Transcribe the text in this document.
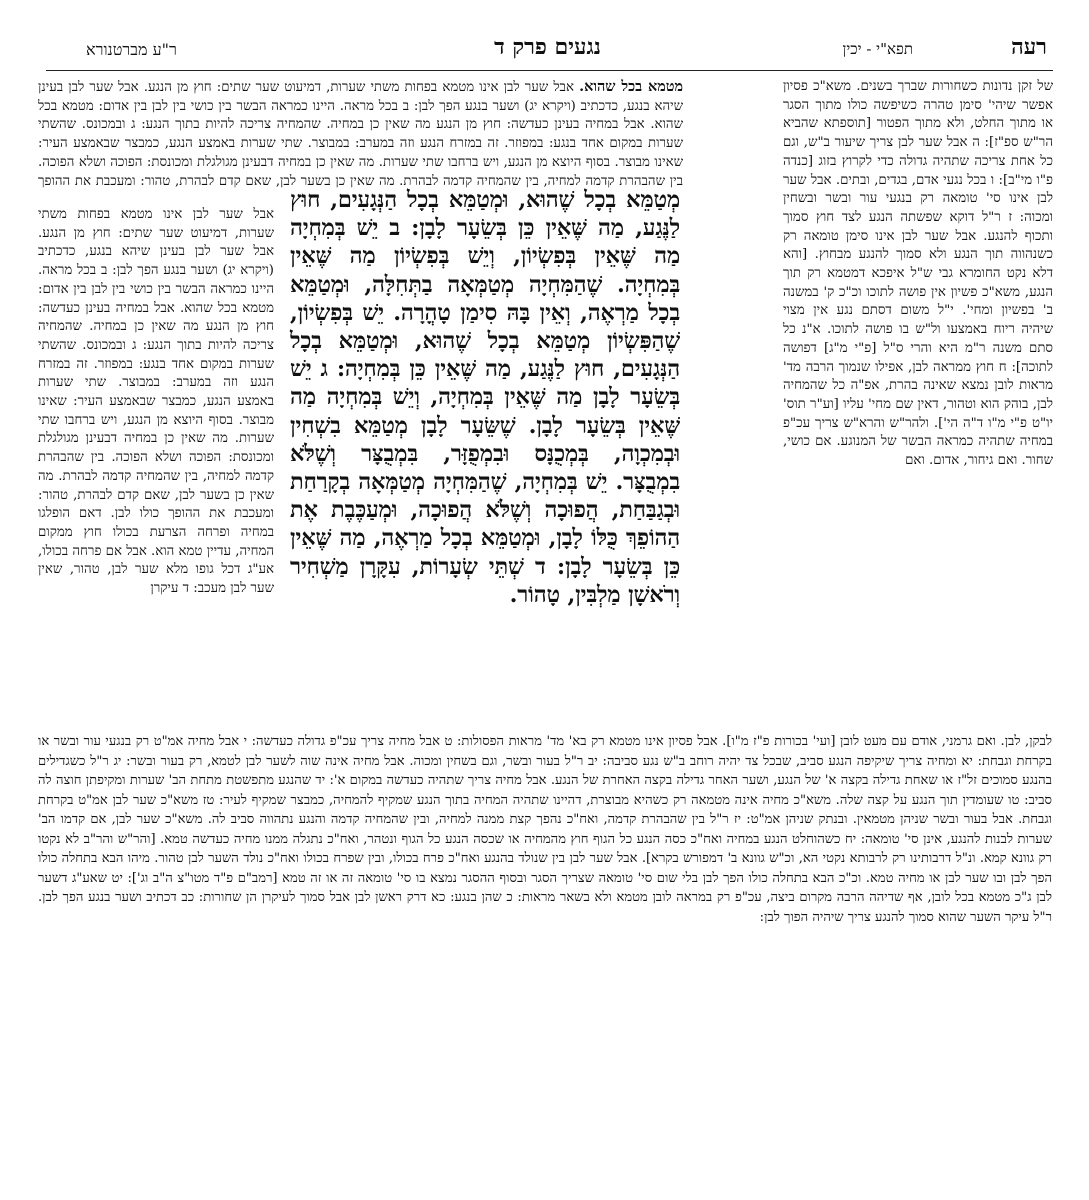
רעה
תפא"י - יכין
נגעים פרק ד
ר"ע מברטנורא
של זקן נדונות כשחורות שברך בשנים. משא"כ פסיון אפשר שיהי' סימן טהרה כשיפשה כולו מתוך הסגר או מתוך החלט, ולא מתוך הפטור [תוספתא שהביא הר"ש ספ"ז]: ה אבל שער לבן צריך שיעור ב"ש, וגם כל אחת צריכה שתהיה גדולה כדי לקרוץ בזוג [כנדה פ"ו מי"ב]: ו בכל נגעי אדם, בגדים, ובתים. אבל שער לבן אינו סי' טומאה רק בנגעי עור ובשר ובשחין ומכוה: ז ר"ל דוקא שפשתה הנגע לצד חוץ סמוך ותכוף להנגע. אבל שער לבן אינו סימן טומאה רק כשנהווה תוך הנגע ולא סמוך להנגע מבחוץ. [והא דלא נקט החומרא גבי ש"ל איפכא דמטמא רק תוך הנגע, משא"כ פשיון אין פושה לתוכו וכ"כ ק' במשנה ב' בפשיון ומחי'. י"ל משום דסתם נגע אין מצוי שיהיה ריוח באמצעו ול"ש בו פושה לתוכו. א"נ כל סתם משנה ר"מ היא והרי ס"ל [פ"י מ"ג] דפושה לתוכה]: ח חוץ ממראה לבן, אפילו שנמוך הרבה מד' מראות לובן נמצא שאינה בהרת, אפ"ה כל שהמחיה לבן, בוהק הוא וטהור, דאין שם מחי' עליו [וע"ר תוס' יו"ט פ"י מ"ו ד"ה הי']. ולהר"ש והרא"ש צריך עכ"פ במחיה שתהיה כמראה הבשר של המנוגע. אם כושי, שחור. ואם גיחור, אדום. ואם
מטמא בכל שהוא. אבל שער לבן אינו מטמא בפחות משתי שערות, דמיעוט שער שתים: חוץ מן הנגע. אבל שער לבן בעינן שיהא בנגע, כדכתיב (ויקרא יג) ושער בנגע הפך לבן: ב בכל מראה. היינו כמראה הבשר בין כושי בין לבן בין אדום: מטמא בכל שהוא. אבל במחיה בעינן כעדשה: חוץ מן הנגע מה שאין כן במחיה. שהמחיה צריכה להיות בתוך הנגע: ג ובמכונס. שהשתי שערות במקום אחד בנגע: במפוזר. זה במזרח הנגע וזה במערב: במבוצר. שתי שערות באמצע הנגע, כמבצר שבאמצע העיר: שאינו מבוצר. בסוף היוצא מן הנגע, ויש ברחבו שתי שערות. מה שאין כן במחיה דבעינן מגולגלת ומכונסת: הפוכה ושלא הפוכה. בין שהבהרת קדמה למחיה, בין שהמחיה קדמה לבהרת. מה שאין כן בשער לבן, שאם קדם לבהרת, טהור: ומעכבת את ההופך
אבל שער לבן אינו מטמא בפחות משתי שערות, דמיעוט שער שתים: חוץ מן הנגע. אבל שער לבן בעינן שיהא בנגע, כדכתיב (ויקרא יג) ושער בנגע הפך לבן: ב בכל מראה. היינו כמראה הבשר בין כושי בין לבן בין אדום: מטמא בכל שהוא. אבל במחיה בעינן כעדשה: חוץ מן הנגע מה שאין כן במחיה. שהמחיה צריכה להיות בתוך הנגע: ג ובמכונס. שהשתי שערות במקום אחד בנגע: במפוזר. זה במזרח הנגע וזה במערב: במבוצר. שתי שערות באמצע הנגע, כמבצר שבאמצע העיר: שאינו מבוצר. בסוף היוצא מן הנגע, ויש ברחבו שתי שערות. מה שאין כן במחיה דבעינן מגולגלת ומכונסת: הפוכה ושלא הפוכה. בין שהבהרת קדמה למחיה, בין שהמחיה קדמה לבהרת. מה שאין כן בשער לבן, שאם קדם לבהרת, טהור: ומעכבת את ההופך כולו לבן. דאם הופלגו במחיה ופרחה הצרעת בכולו חוץ ממקום המחיה, עדיין טמא הוא. אבל אם פרחה בכולו, אע"ג דכל גופו מלא שער לבן, טהור, שאין שער לבן מעכב: ד עיקרן
מְטַמֵּא בְכָל שֶׁהוּא, וּמְטַמֵּא בְכָל הַנְּגָעִים, חוּץ לַנֶּגַע, מַה שֶּׁאֵין כֵּן בְּשֵׂעָר לָבָן: ב יֵשׁ בְּמִחְיָה מַה שֶּׁאֵין בְּפִשְׂיוֹן, וְיֵשׁ בְּפִשְׂיוֹן מַה שֶּׁאֵין בְּמִחְיָה. שֶׁהַמִּחְיָה מְטַמְּאָה בַתְּחִלָּה, וּמְטַמֵּא בְכָל מַרְאֶה, וְאֵין בָּהּ סִימַן טָהֳרָה. יֵשׁ בְּפִשְׂיוֹן, שֶׁהַפִּשְׂיוֹן מְטַמֵּא בְכָל שֶׁהוּא, וּמְטַמֵּא בְכָל הַנְּגָעִים, חוּץ לַנֶּגַע, מַה שֶּׁאֵין כֵּן בְּמִחְיָה: ג יֵשׁ בְּשֵׂעָר לָבָן מַה שֶּׁאֵין בְּמִחְיָה, וְיֵשׁ בְּמִחְיָה מַה שֶּׁאֵין בְּשֵׂעָר לָבָן. שֶׁשֵּׂעָר לָבָן מְטַמֵּא בִשְׁחִין וּבְמִכְוָה, בְּמְכֻנָּס וּבִמְפֻזָּר, בִּמְבֻצָּר וְשֶׁלֹּא בִמְבֻצָּר. יֵשׁ בְּמִחְיָה, שֶׁהַמִּחְיָה מְטַמְּאָה בְקָרַחַת וּבְגַבַּחַת, הֲפוּכָה וְשֶׁלֹּא הֲפוּכָה, וּמְעַכֶּבֶת אֶת הַהוֹפֵךְ כֻּלּוֹ לָבָן, וּמְטַמֵּא בְכָל מַרְאֶה, מַה שֶּׁאֵין כֵּן בְּשֵׂעָר לָבָן: ד שְׁתֵּי שְׂעָרוֹת, עִקָּרָן מַשְׁחִיר וְרֹאשָׁן מַלְבִּין, טָהוֹר.
לבקן, לבן. ואם גרמני, אודם עם מעט לובן [ועי' בכורות פ"ז מ"ו]. אבל פסיון אינו מטמא רק בא' מד' מראות הפסולות: ט אבל מחיה צריך עכ"פ גדולה כעדשה: י אבל מחיה אמ"ט רק בנגעי עור ובשר או בקרחת וגבחת: יא ומחיה צריך שיקיפה הנגע סביב, שבכל צד יהיה רוחב ב"ש נגע סביבה: יב ר"ל בעור ובשר, וגם בשחין ומכוה. אבל מחיה אינה שוה לשער לבן לטמא, רק בעור ובשר: יג ר"ל כשגדילים בהנגע סמוכים זל"ז או שאחת גדילה בקצה א' של הנגע, ושער האחר גדילה בקצה האחרת של הנגע. אבל מחיה צריך שתהיה כעדשה במקום א': יד שהנגע מתפשטת מתחת הב' שערות ומקיפתן חוצה לה סביב: טו שעומדין תוך הנגע על קצה שלה. משא"כ מחיה אינה מטמאה רק כשהיא מבוצרת, דהיינו שתהיה המחיה בתוך הנגע שמקיף להמחיה, כמבצר שמקיף לעיר: טז משא"כ שער לבן אמ"ט בקרחת וגבחת. אבל בעור ובשר שניהן מטמאין. ובנתק שניהן אמ"ט: יז ר"ל בין שהבהרת קדמה, ואח"כ נהפך קצת ממנה למחיה, ובין שהמחיה קדמה והנגע נתהווה סביב לה. משא"כ שער לבן, אם קדמו הב' שערות לבנות להנגע, אינן סי' טומאה: יח כשהוחלט הנגע במחיה ואח"כ כסה הנגע כל הגוף חוץ מהמחיה או שכסה הנגע כל הגוף ונטהר, ואח"כ נתגלה ממנו מחיה כעדשה טמא. [והר"ש והר"ב לא נקטו רק גוונא קמא. ונ"ל דרבותינו רק לרבותא נקטי הא, וכ"ש גוונא ב' דמפורש בקרא]. אבל שער לבן בין שנולד בהנגע ואח"כ פרח בכולו, ובין שפרח בכולו ואח"כ נולד השער לבן טהור. מיהו הבא בתחלה כולו הפך לבן ובו שער לבן או מחיה טמא. וכ"כ הבא בתחלה כולו הפך לבן בלי שום סי' טומאה שצריך הסגר ובסוף ההסגר נמצא בו סי' טומאה זה או זה טמא [רמב"ם פ"ד מטו"צ ה"ב וג']: יט שאע"ג דשער לבן ג"כ מטמא בכל לובן, אף שדיהה הרבה מקרום ביצה, עכ"פ רק במראה לובן מטמא ולא בשאר מראות: כ שהן בנגע: כא דרק ראשן לבן אבל סמוך לעיקרן הן שחורות: כב דכתיב ושער בנגע הפך לבן. ר"ל עיקר השער שהוא סמוך להנגע צריך שיהיה הפוך לבן:
